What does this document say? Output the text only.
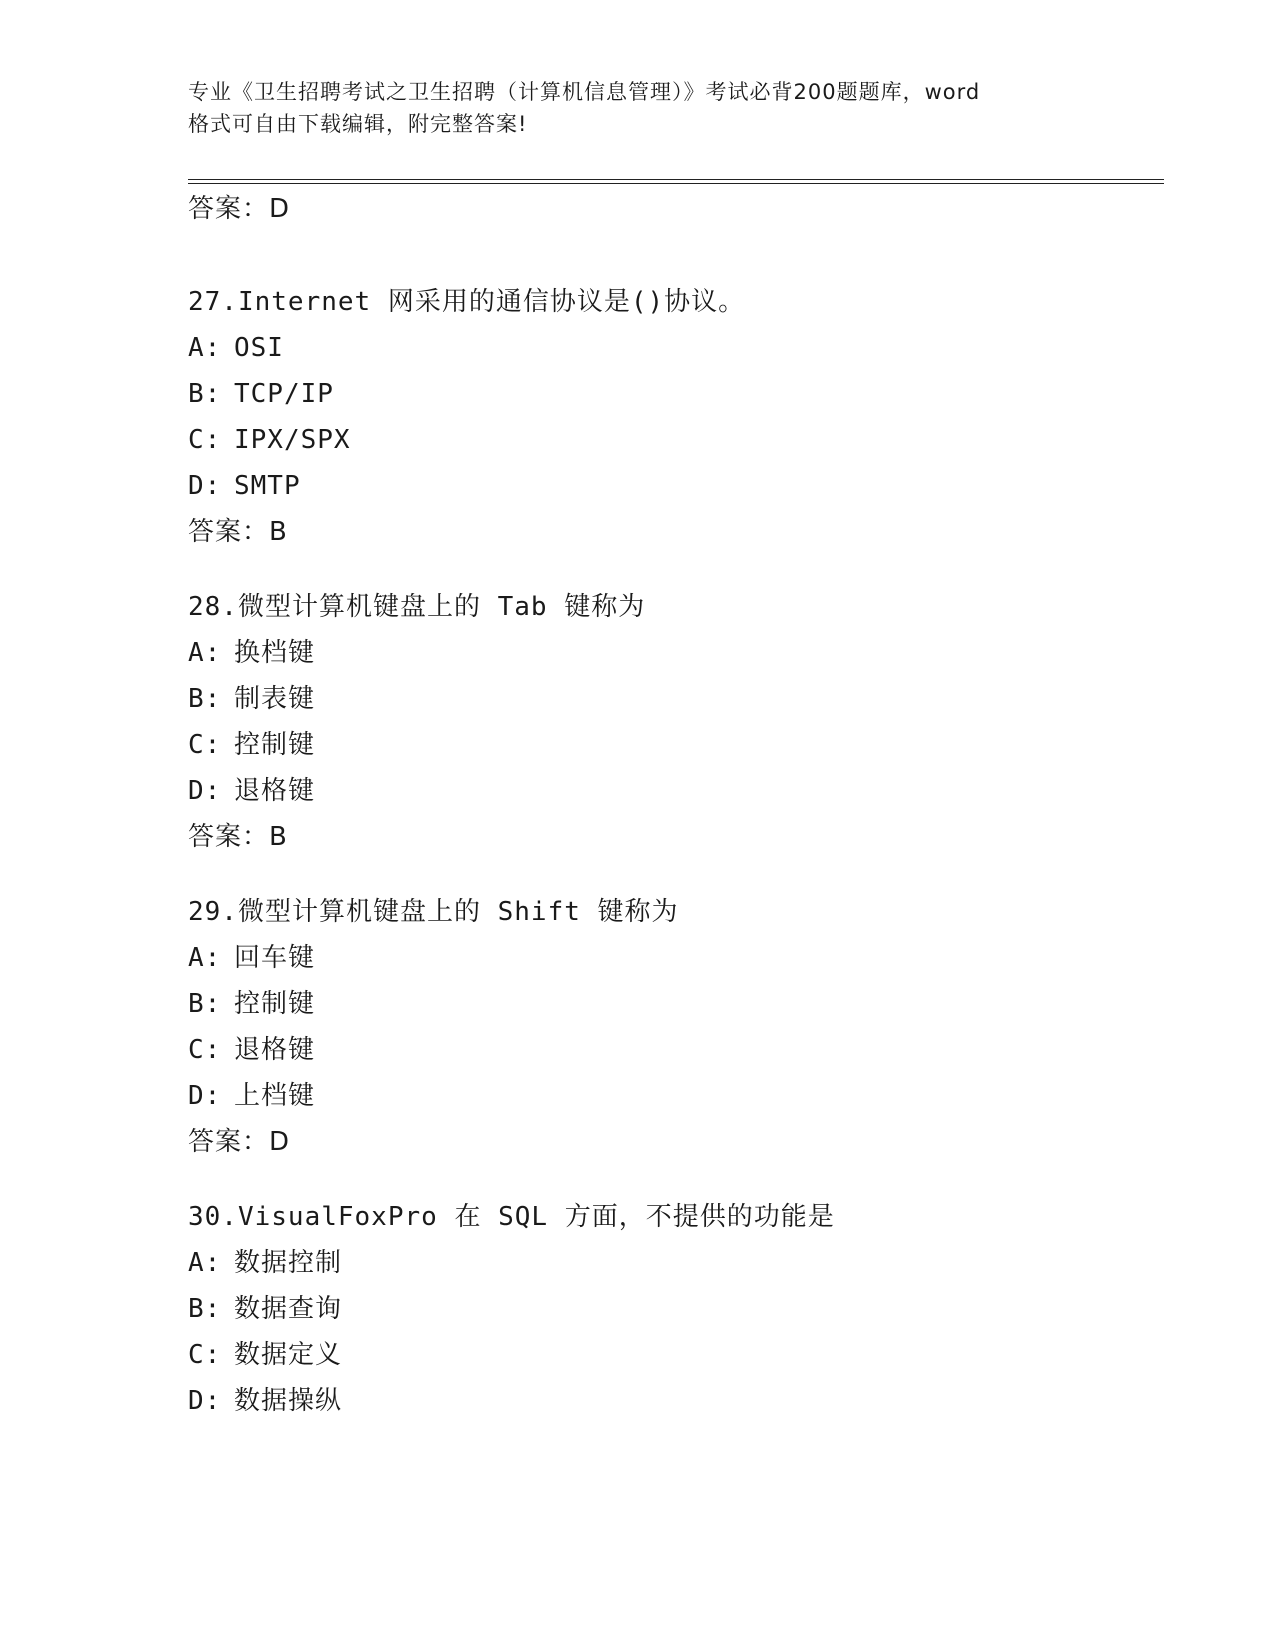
专业《卫生招聘考试之卫生招聘（计算机信息管理）》考试必背200题题库，word
格式可自由下载编辑，附完整答案!
答案：D
27.Internet 网采用的通信协议是()协议。
A: OSI
B: TCP/IP
C: IPX/SPX
D: SMTP
答案：B
28.微型计算机键盘上的 Tab 键称为
A: 换档键
B: 制表键
C: 控制键
D: 退格键
答案：B
29.微型计算机键盘上的 Shift 键称为
A: 回车键
B: 控制键
C: 退格键
D: 上档键
答案：D
30.VisualFoxPro 在 SQL 方面，不提供的功能是
A: 数据控制
B: 数据查询
C: 数据定义
D: 数据操纵
